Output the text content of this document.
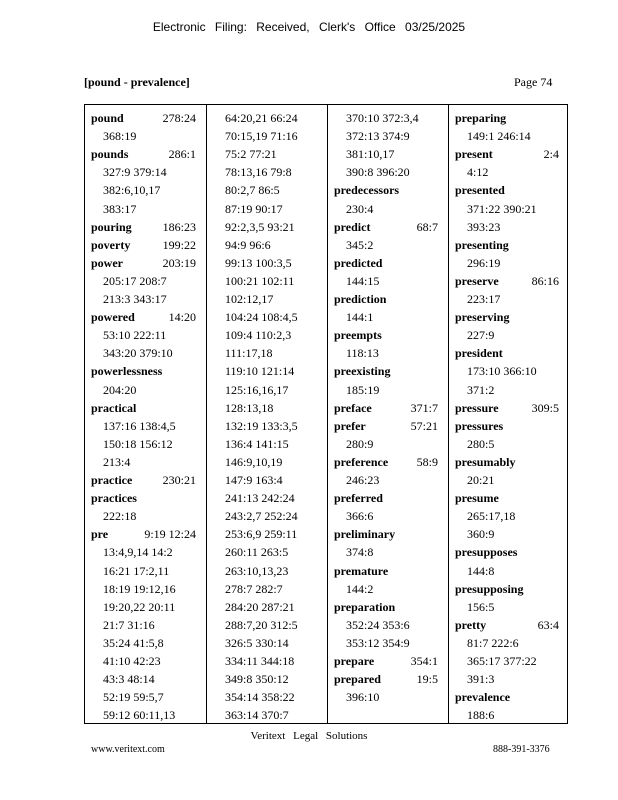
Electronic Filing: Received, Clerk's Office 03/25/2025
[pound - prevalence]	Page 74
pound	278:24
368:19
pounds	286:1
327:9 379:14
382:6,10,17
383:17
pouring	186:23
poverty	199:22
power	203:19
205:17 208:7
213:3 343:17
powered	14:20
53:10 222:11
343:20 379:10
powerlessness
204:20
practical
137:16 138:4,5
150:18 156:12
213:4
practice	230:21
practices
222:18
pre	9:19 12:24
13:4,9,14 14:2
16:21 17:2,11
18:19 19:12,16
19:20,22 20:11
21:7 31:16
35:24 41:5,8
41:10 42:23
43:3 48:14
52:19 59:5,7
59:12 60:11,13
64:20,21 66:24
70:15,19 71:16
75:2 77:21
78:13,16 79:8
80:2,7 86:5
87:19 90:17
92:2,3,5 93:21
94:9 96:6
99:13 100:3,5
100:21 102:11
102:12,17
104:24 108:4,5
109:4 110:2,3
111:17,18
119:10 121:14
125:16,16,17
128:13,18
132:19 133:3,5
136:4 141:15
146:9,10,19
147:9 163:4
241:13 242:24
243:2,7 252:24
253:6,9 259:11
260:11 263:5
263:10,13,23
278:7 282:7
284:20 287:21
288:7,20 312:5
326:5 330:14
334:11 344:18
349:8 350:12
354:14 358:22
363:14 370:7
370:10 372:3,4
372:13 374:9
381:10,17
390:8 396:20
predecessors
230:4
predict	68:7
345:2
predicted
144:15
prediction
144:1
preempts
118:13
preexisting
185:19
preface	371:7
prefer	57:21
280:9
preference 58:9
246:23
preferred
366:6
preliminary
374:8
premature
144:2
preparation
352:24 353:6
353:12 354:9
prepare	354:1
prepared	19:5
396:10
preparing
149:1 246:14
present	2:4
4:12
presented
371:22 390:21
393:23
presenting
296:19
preserve	86:16
223:17
preserving
227:9
president
173:10 366:10
371:2
pressure	309:5
pressures
280:5
presumably
20:21
presume
265:17,18
360:9
presupposes
144:8
presupposing
156:5
pretty	63:4
81:7 222:6
365:17 377:22
391:3
prevalence
188:6
Veritext Legal Solutions
www.veritext.com	888-391-3376
